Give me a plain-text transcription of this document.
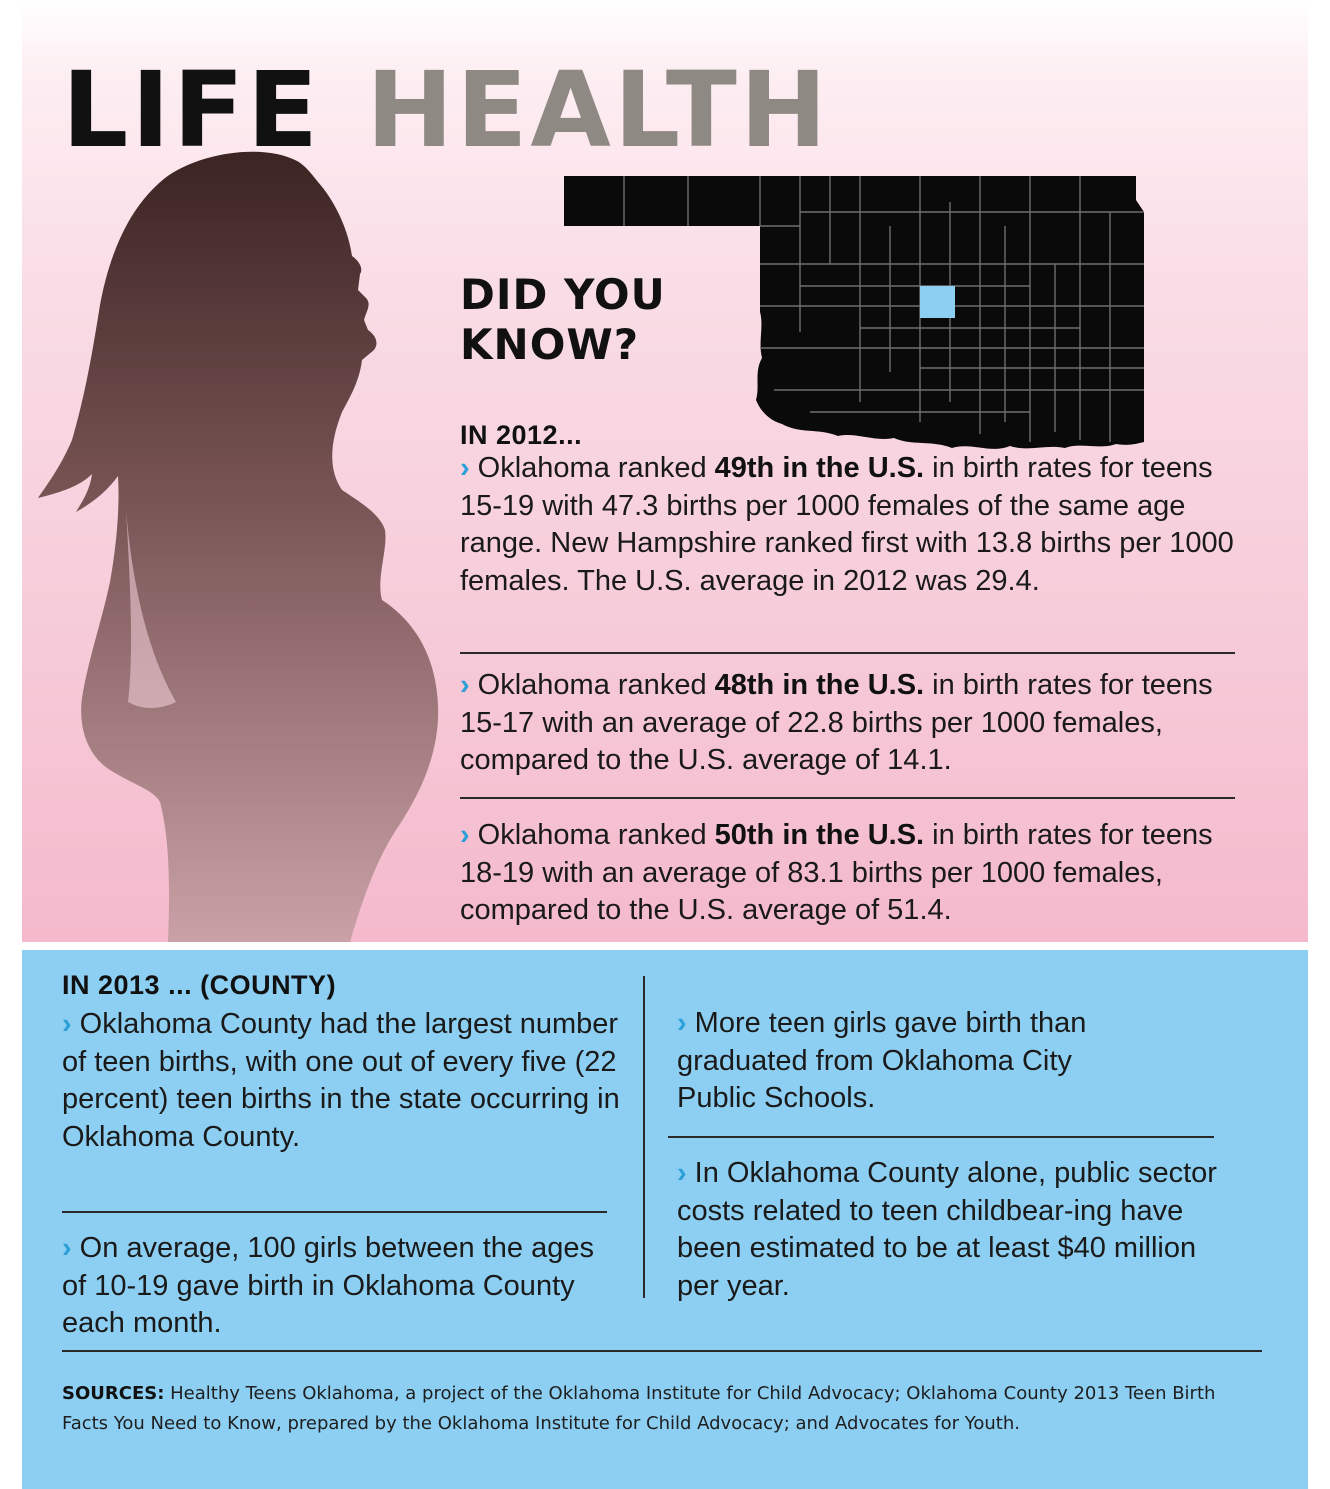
LIFE HEALTH
DID YOU
KNOW?

IN 2012...

› Oklahoma ranked 49th in the U.S. in birth rates for teens 15-19 with 47.3 births per 1000 females of the same age range. New Hampshire ranked first with 13.8 births per 1000 females. The U.S. average in 2012 was 29.4.
› Oklahoma ranked 48th in the U.S. in birth rates for teens 15-17 with an average of 22.8 births per 1000 females, compared to the U.S. average of 14.1.
› Oklahoma ranked 50th in the U.S. in birth rates for teens 18-19 with an average of 83.1 births per 1000 females, compared to the U.S. average of 51.4.

IN 2013 ... (COUNTY)

› Oklahoma County had the largest number of teen births, with one out of every five (22 percent) teen births in the state occurring in Oklahoma County.
› On average, 100 girls between the ages of 10-19 gave birth in Oklahoma County each month.
› More teen girls gave birth than graduated from Oklahoma City Public Schools.
› In Oklahoma County alone, public sector costs related to teen childbear-ing have been estimated to be at least $40 million per year.

SOURCES: Healthy Teens Oklahoma, a project of the Oklahoma Institute for Child Advocacy; Oklahoma County 2013 Teen Birth Facts You Need to Know, prepared by the Oklahoma Institute for Child Advocacy; and Advocates for Youth.
